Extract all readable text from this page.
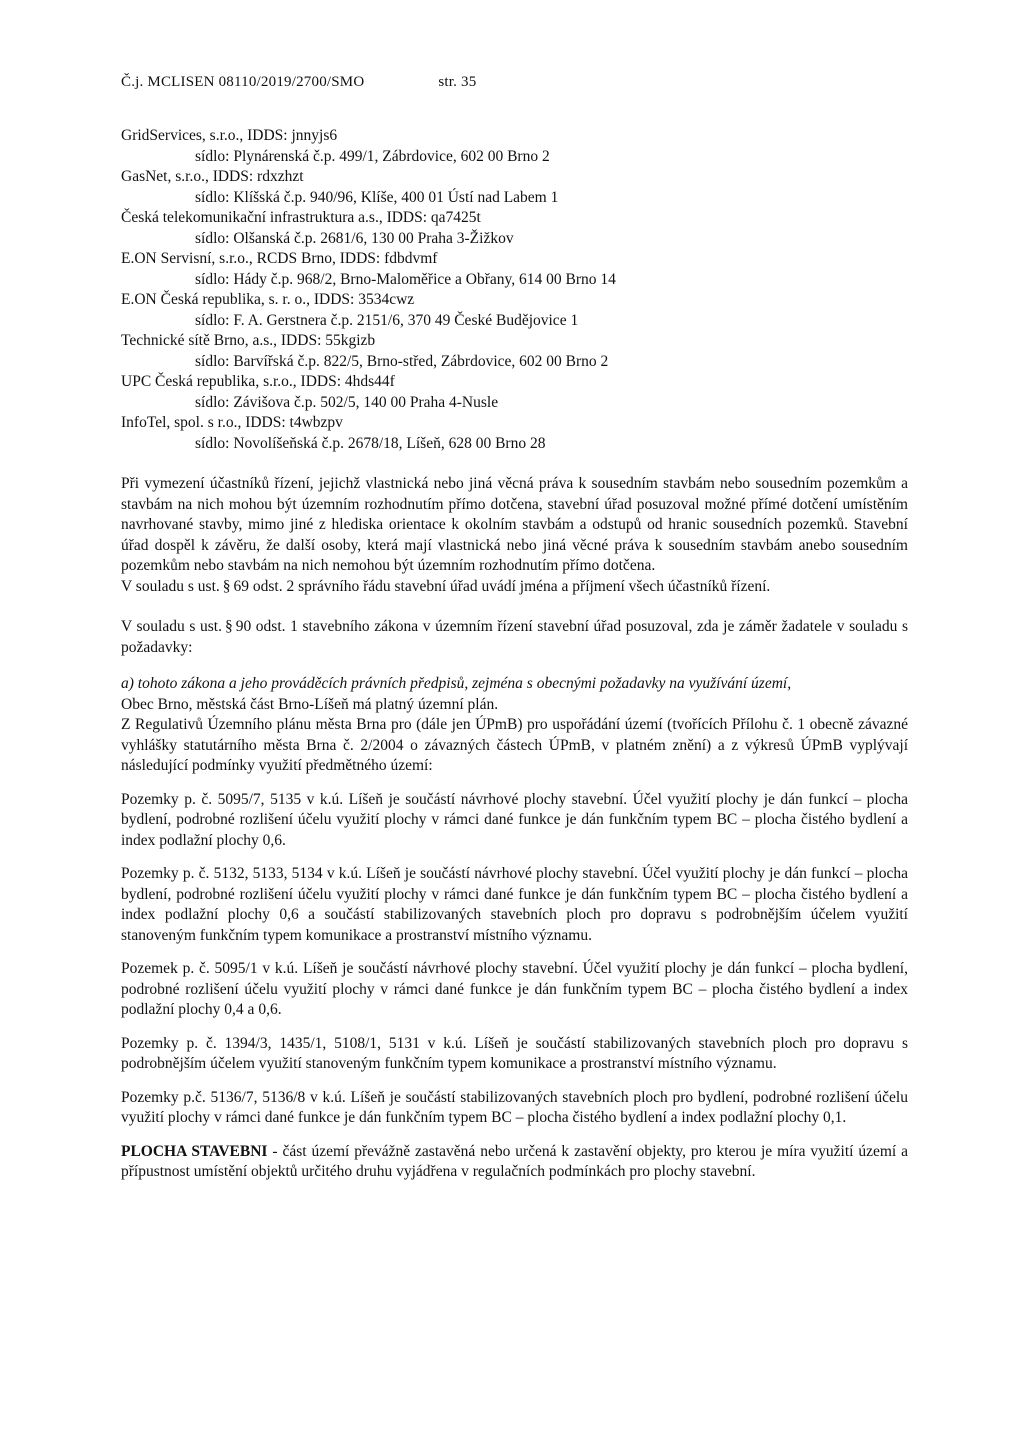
Č.j. MCLISEN 08110/2019/2700/SMO	str. 35
GridServices, s.r.o., IDDS: jnnyjs6
sídlo: Plynárenská č.p. 499/1, Zábrdovice, 602 00 Brno 2
GasNet, s.r.o., IDDS: rdxzhzt
sídlo: Klíšská č.p. 940/96, Klíše, 400 01 Ústí nad Labem 1
Česká telekomunikační infrastruktura a.s., IDDS: qa7425t
sídlo: Olšanská č.p. 2681/6, 130 00 Praha 3-Žižkov
E.ON Servisní, s.r.o., RCDS Brno, IDDS: fdbdvmf
sídlo: Hády č.p. 968/2, Brno-Maloměřice a Obřany, 614 00 Brno 14
E.ON Česká republika, s. r. o., IDDS: 3534cwz
sídlo: F. A. Gerstnera č.p. 2151/6, 370 49 České Budějovice 1
Technické sítě Brno, a.s., IDDS: 55kgizb
sídlo: Barvířská č.p. 822/5, Brno-střed, Zábrdovice, 602 00 Brno 2
UPC Česká republika, s.r.o., IDDS: 4hds44f
sídlo: Závišova č.p. 502/5, 140 00 Praha 4-Nusle
InfoTel, spol. s r.o., IDDS: t4wbzpv
sídlo: Novolíšeňská č.p. 2678/18, Líšeň, 628 00 Brno 28
Při vymezení účastníků řízení, jejichž vlastnická nebo jiná věcná práva k sousedním stavbám nebo sousedním pozemkům a stavbám na nich mohou být územním rozhodnutím přímo dotčena, stavební úřad posuzoval možné přímé dotčení umístěním navrhované stavby, mimo jiné z hlediska orientace k okolním stavbám a odstupů od hranic sousedních pozemků. Stavební úřad dospěl k závěru, že další osoby, která mají vlastnická nebo jiná věcné práva k sousedním stavbám anebo sousedním pozemkům nebo stavbám na nich nemohou být územním rozhodnutím přímo dotčena.
V souladu s ust. § 69 odst. 2 správního řádu stavební úřad uvádí jména a příjmení všech účastníků řízení.
V souladu s ust. § 90 odst. 1 stavebního zákona v územním řízení stavební úřad posuzoval, zda je záměr žadatele v souladu s požadavky:
a) tohoto zákona a jeho prováděcích právních předpisů, zejména s obecnými požadavky na využívání území,
Obec Brno, městská část Brno-Líšeň má platný územní plán.
Z Regulativů Územního plánu města Brna pro (dále jen ÚPmB) pro uspořádání území (tvořících Přílohu č. 1 obecně závazné vyhlášky statutárního města Brna č. 2/2004 o závazných částech ÚPmB, v platném znění) a z výkresů ÚPmB vyplývají následující podmínky využití předmětného území:
Pozemky p. č. 5095/7, 5135 v k.ú. Líšeň je součástí návrhové plochy stavební. Účel využití plochy je dán funkcí – plocha bydlení, podrobné rozlišení účelu využití plochy v rámci dané funkce je dán funkčním typem BC – plocha čistého bydlení a index podlažní plochy 0,6.
Pozemky p. č. 5132, 5133, 5134 v k.ú. Líšeň je součástí návrhové plochy stavební. Účel využití plochy je dán funkcí – plocha bydlení, podrobné rozlišení účelu využití plochy v rámci dané funkce je dán funkčním typem BC – plocha čistého bydlení a index podlažní plochy 0,6 a součástí stabilizovaných stavebních ploch pro dopravu s podrobnějším účelem využití stanoveným funkčním typem komunikace a prostranství místního významu.
Pozemek p. č. 5095/1 v k.ú. Líšeň je součástí návrhové plochy stavební. Účel využití plochy je dán funkcí – plocha bydlení, podrobné rozlišení účelu využití plochy v rámci dané funkce je dán funkčním typem BC – plocha čistého bydlení a index podlažní plochy 0,4 a 0,6.
Pozemky p. č. 1394/3, 1435/1, 5108/1, 5131 v k.ú. Líšeň je součástí stabilizovaných stavebních ploch pro dopravu s podrobnějším účelem využití stanoveným funkčním typem komunikace a prostranství místního významu.
Pozemky p.č. 5136/7, 5136/8 v k.ú. Líšeň je součástí stabilizovaných stavebních ploch pro bydlení, podrobné rozlišení účelu využití plochy v rámci dané funkce je dán funkčním typem BC – plocha čistého bydlení a index podlažní plochy 0,1.
PLOCHA STAVEBNI - část území převážně zastavěná nebo určená k zastavění objekty, pro kterou je míra využití území a přípustnost umístění objektů určitého druhu vyjádřena v regulačních podmínkách pro plochy stavební.
